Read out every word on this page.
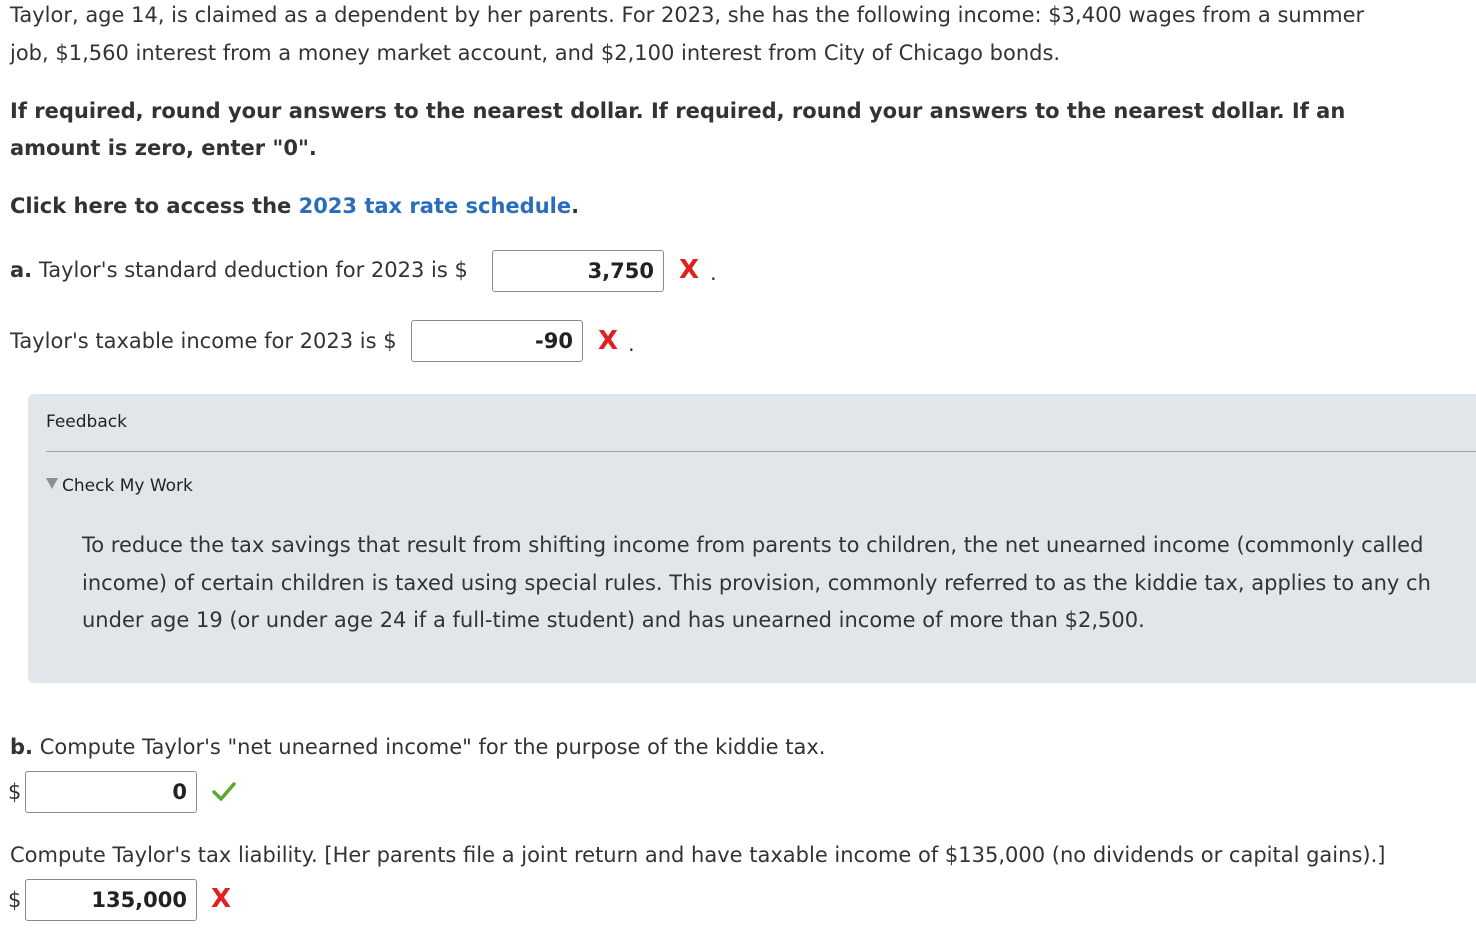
Taylor, age 14, is claimed as a dependent by her parents. For 2023, she has the following income: $3,400 wages from a summer
job, $1,560 interest from a money market account, and $2,100 interest from City of Chicago bonds.
If required, round your answers to the nearest dollar. If required, round your answers to the nearest dollar. If an
amount is zero, enter "0".
Click here to access the 2023 tax rate schedule.
a. Taylor's standard deduction for 2023 is $	3,750 X .
Taylor's taxable income for 2023 is $	-90 X .
Feedback
Check My Work
To reduce the tax savings that result from shifting income from parents to children, the net unearned income (commonly called
income) of certain children is taxed using special rules. This provision, commonly referred to as the kiddie tax, applies to any ch
under age 19 (or under age 24 if a full-time student) and has unearned income of more than $2,500.
b. Compute Taylor's "net unearned income" for the purpose of the kiddie tax.
$	0
Compute Taylor's tax liability. [Her parents file a joint return and have taxable income of $135,000 (no dividends or capital gains).]
$	135,000 X
